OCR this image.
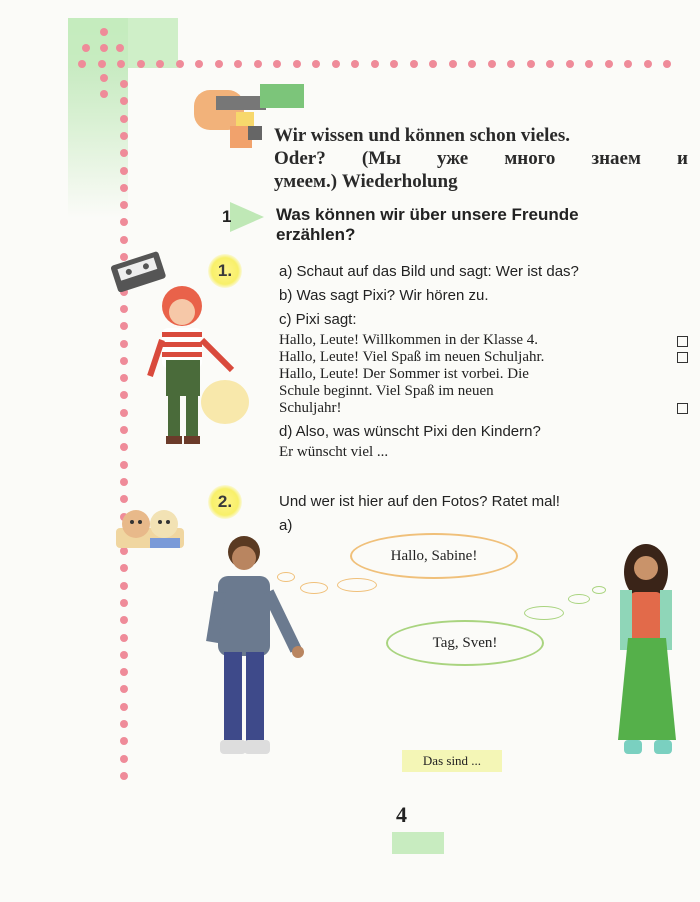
Wir wissen und können schon vieles.
Oder? (Мы уже много знаем и
умеем.) Wiederholung
1	Was können wir über unsere Freunde
erzählen?
1.	a) Schaut auf das Bild und sagt: Wer ist das?
b) Was sagt Pixi? Wir hören zu.
c) Pixi sagt:
Hallo, Leute! Willkommen in der Klasse 4.
Hallo, Leute! Viel Spaß im neuen Schuljahr.
Hallo, Leute! Der Sommer ist vorbei. Die
Schule beginnt. Viel Spaß im neuen
Schuljahr!
d) Also, was wünscht Pixi den Kindern?
Er wünscht viel ...
2.	Und wer ist hier auf den Fotos? Ratet mal!
a)
Hallo, Sabine!
Tag, Sven!
Das sind ...
4
